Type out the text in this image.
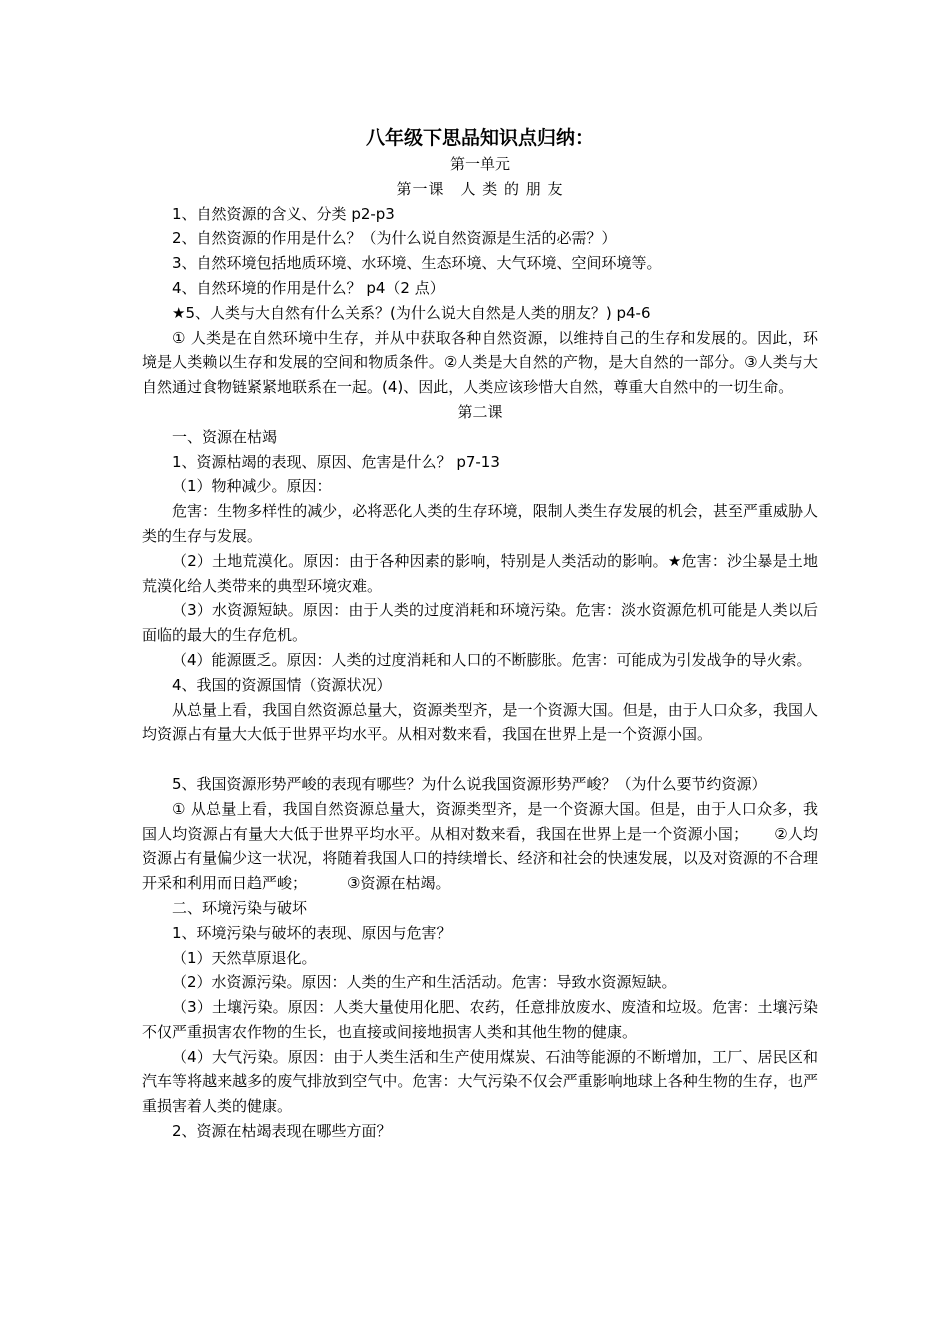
八年级下思品知识点归纳：
第一单元
第一课　人 类 的 朋 友
1、自然资源的含义、分类 p2-p3
2、自然资源的作用是什么？（为什么说自然资源是生活的必需？）
3、自然环境包括地质环境、水环境、生态环境、大气环境、空间环境等。
4、自然环境的作用是什么？ p4（2 点）
★5、人类与大自然有什么关系？(为什么说大自然是人类的朋友？) p4-6

① 人类是在自然环境中生存，并从中获取各种自然资源，以维持自己的生存和发展的。因此，环境是人类赖以生存和发展的空间和物质条件。②人类是大自然的产物，是大自然的一部分。③人类与大自然通过食物链紧紧地联系在一起。(4)、因此，人类应该珍惜大自然，尊重大自然中的一切生命。

第二课
一、资源在枯竭
1、资源枯竭的表现、原因、危害是什么？ p7-13
（1）物种减少。原因：

危害：生物多样性的减少，必将恶化人类的生存环境，限制人类生存发展的机会，甚至严重威胁人类的生存与发展。

（2）土地荒漠化。原因：由于各种因素的影响，特别是人类活动的影响。★危害：沙尘暴是土地荒漠化给人类带来的典型环境灾难。

（3）水资源短缺。原因：由于人类的过度消耗和环境污染。危害：淡水资源危机可能是人类以后面临的最大的生存危机。

（4）能源匮乏。原因：人类的过度消耗和人口的不断膨胀。危害：可能成为引发战争的导火索。

4、我国的资源国情（资源状况）

从总量上看，我国自然资源总量大，资源类型齐，是一个资源大国。但是，由于人口众多，我国人均资源占有量大大低于世界平均水平。从相对数来看，我国在世界上是一个资源小国。

5、我国资源形势严峻的表现有哪些？为什么说我国资源形势严峻？（为什么要节约资源）

① 从总量上看，我国自然资源总量大，资源类型齐，是一个资源大国。但是，由于人口众多，我国人均资源占有量大大低于世界平均水平。从相对数来看，我国在世界上是一个资源小国； ②人均资源占有量偏少这一状况，将随着我国人口的持续增长、经济和社会的快速发展，以及对资源的不合理开采和利用而日趋严峻；	③资源在枯竭。

二、环境污染与破坏
1、环境污染与破坏的表现、原因与危害？
（1）天然草原退化。
（2）水资源污染。原因：人类的生产和生活活动。危害：导致水资源短缺。

（3）土壤污染。原因：人类大量使用化肥、农药，任意排放废水、废渣和垃圾。危害：土壤污染不仅严重损害农作物的生长，也直接或间接地损害人类和其他生物的健康。

（4）大气污染。原因：由于人类生活和生产使用煤炭、石油等能源的不断增加，工厂、居民区和汽车等将越来越多的废气排放到空气中。危害：大气污染不仅会严重影响地球上各种生物的生存，也严重损害着人类的健康。

2、资源在枯竭表现在哪些方面？
